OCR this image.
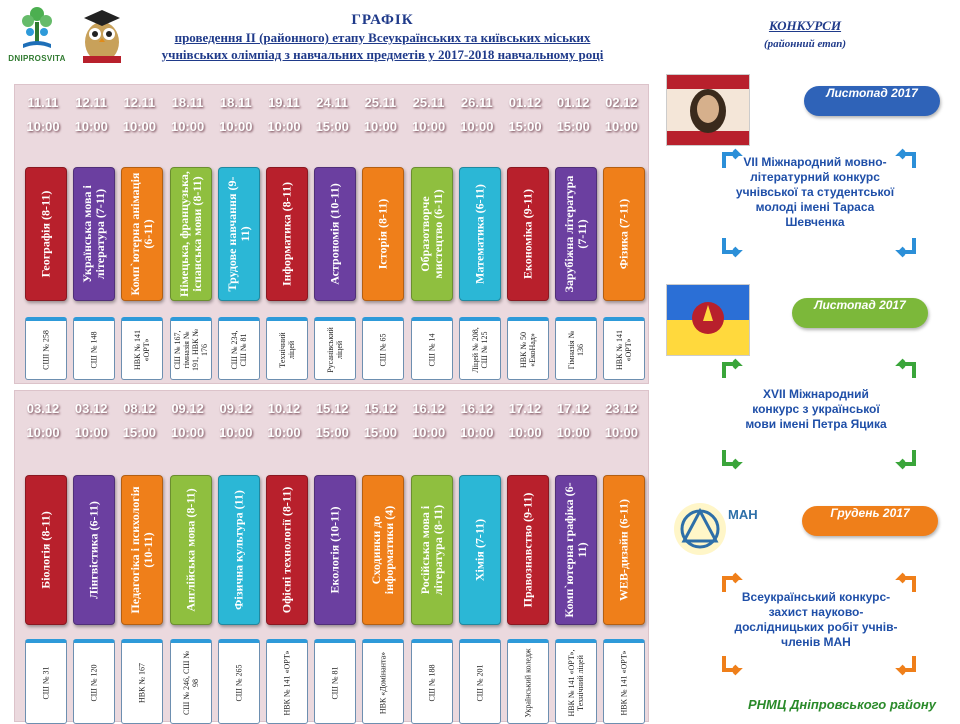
DNIPROSVITA
ГРАФІК
проведення ІІ (районного) етапу Всеукраїнських та київських міських
учнівських олімпіад з навчальних предметів у 2017-2018 навчальному році
11.11
10:00
Географія (8-11)
СШІ № 258
12.11
10:00
Українська мова і література (7-11)
СШ № 148
12.11
10:00
Комп`ютерна анімація (6-11)
НВК № 141 «ОРТ»
18.11
10:00
Німецька, французька, іспанська мови (8-11)
СШ № 167, гімназія № 191, НВК № 176
18.11
10:00
Трудове навчання (9-11)
СШ № 234, СШ № 81
19.11
10:00
Інформатика (8-11)
Технічний ліцей
24.11
15:00
Астрономія (10-11)
Русанівський ліцей
25.11
10:00
Історія (8-11)
СШ № 65
25.11
10:00
Образотворче мистецтво (6-11)
СШ № 14
26.11
10:00
Математика (6-11)
Ліцей № 208, СШ № 125
01.12
15:00
Економіка (9-11)
НВК № 50 «ЕкоНад»
01.12
15:00
Зарубіжна література (7-11)
Гімназія № 136
02.12
10:00
Фізика (7-11)
НВК № 141 «ОРТ»
03.12
10:00
Біологія (8-11)
СШ № 31
03.12
10:00
Лінгвістика (6-11)
СШ № 120
08.12
15:00
Педагогіка і психологія (10-11)
НВК № 167
09.12
10:00
Англійська мова (8-11)
СШ № 246, СШ № 98
09.12
10:00
Фізична культура (11)
СШ № 265
10.12
10:00
Офісні технології (8-11)
НВК № 141 «ОРТ»
15.12
15:00
Екологія (10-11)
СШ № 81
15.12
15:00
Сходинки до інформатики (4)
НВК «Домінанта»
16.12
10:00
Російська мова і література (8-11)
СШ № 188
16.12
10:00
Хімія (7-11)
СШ № 201
17.12
10:00
Правознавство (9-11)
Український коледж
17.12
10:00
Комп`ютерна графіка (6-11)
НВК № 141 «ОРТ», Технічний ліцей
23.12
10:00
WEB-дизайн (6-11)
НВК № 141 «ОРТ»
КОНКУРСИ
(районний етап)
Листопад 2017
VII Міжнародний мовно-літературний конкурс учнівської та студентської молоді імені Тараса Шевченка
Листопад 2017
XVII Міжнародний конкурс з української мови імені Петра Яцика
МАН	Грудень 2017
Всеукраїнський конкурс-захист науково-дослідницьких робіт учнів-членів МАН
РНМЦ Дніпровського району
